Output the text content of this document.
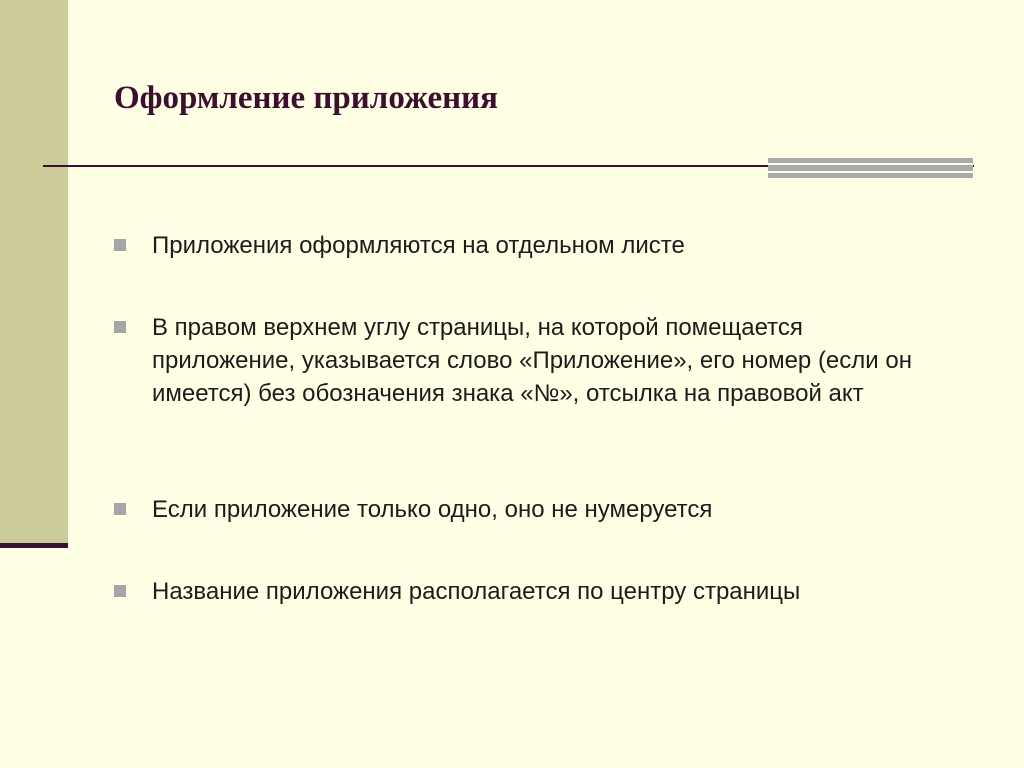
Оформление приложения
Приложения оформляются на отдельном листе
В правом верхнем углу страницы, на которой помещается приложение, указывается слово «Приложение», его номер (если он имеется) без обозначения знака «№», отсылка на правовой акт
Если приложение только одно, оно не нумеруется
Название приложения располагается по центру страницы
